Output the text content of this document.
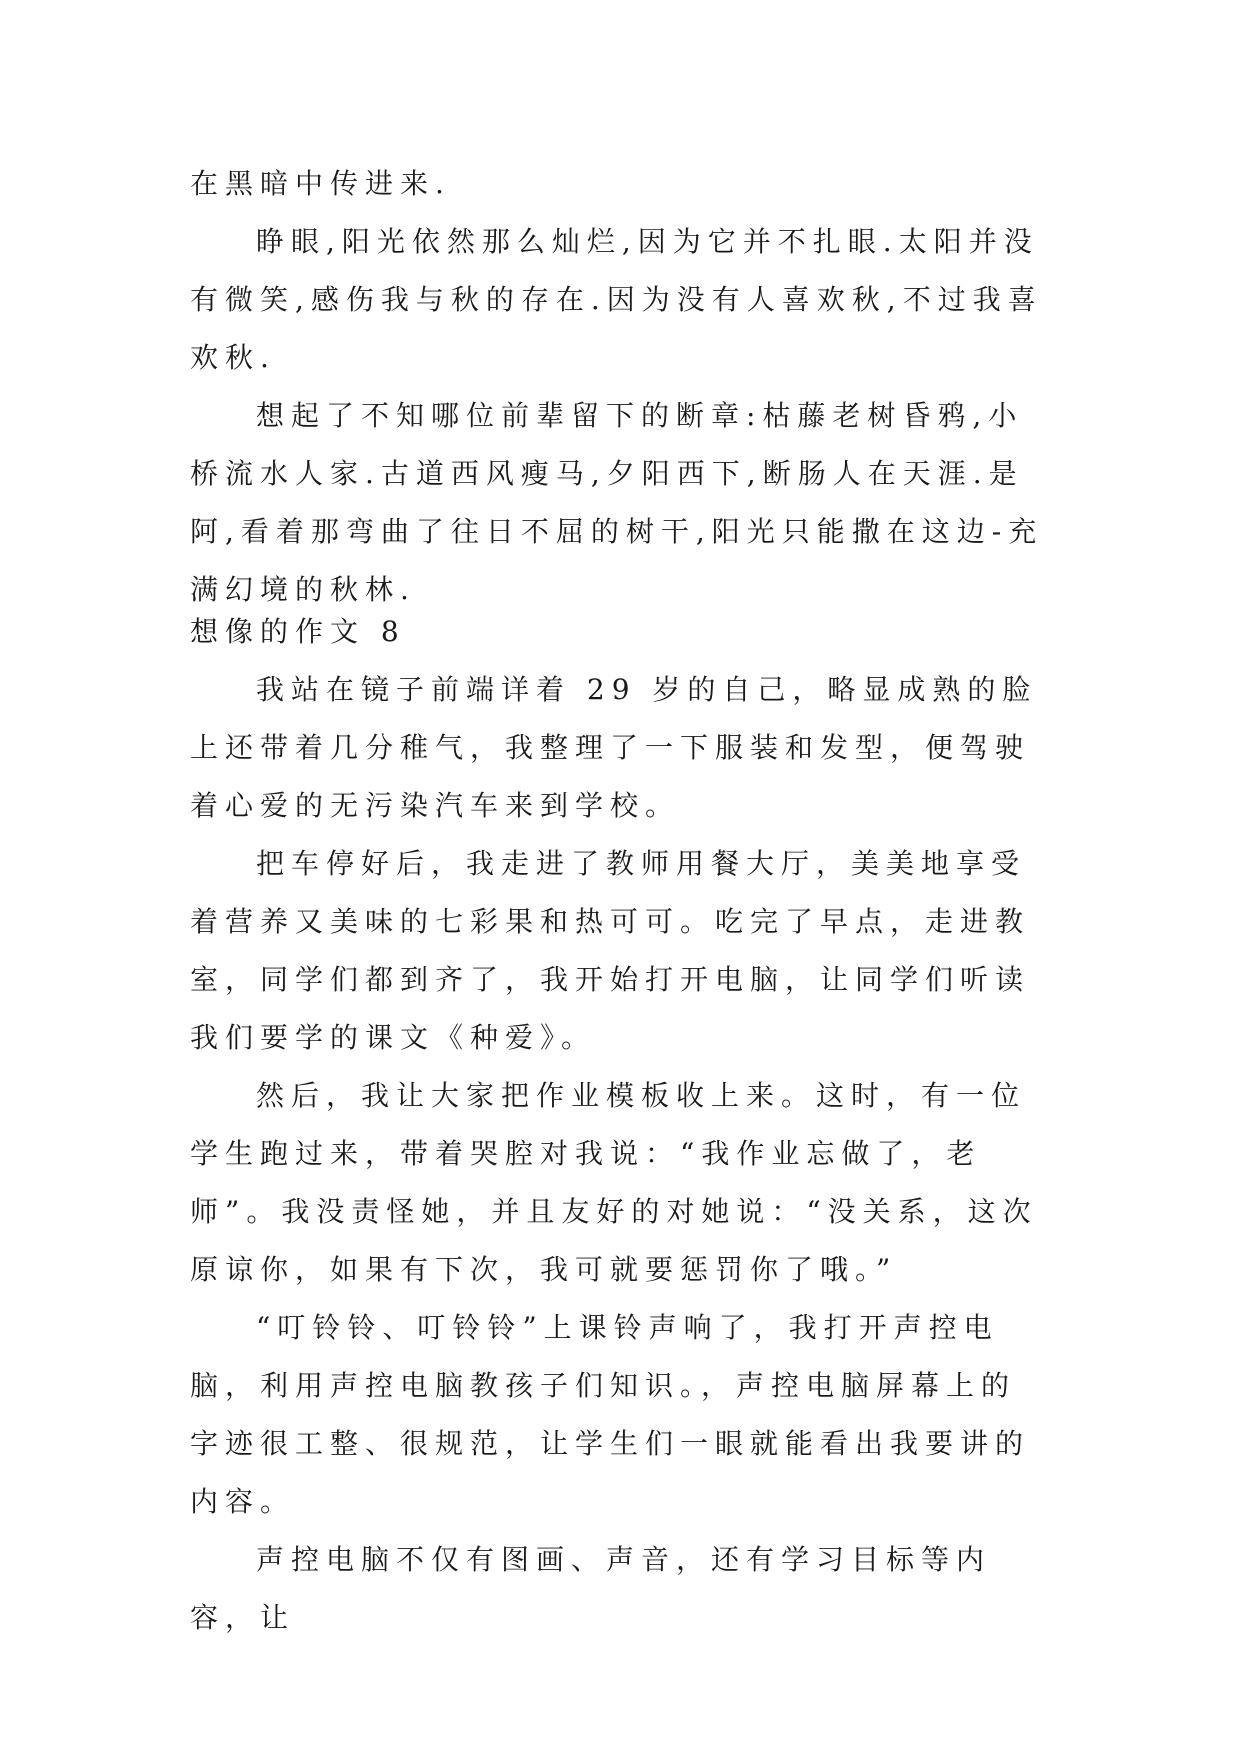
在黑暗中传进来.

睁眼,阳光依然那么灿烂,因为它并不扎眼.太阳并没有微笑,感伤我与秋的存在.因为没有人喜欢秋,不过我喜欢秋.

想起了不知哪位前辈留下的断章:枯藤老树昏鸦,小桥流水人家.古道西风瘦马,夕阳西下,断肠人在天涯.是阿,看着那弯曲了往日不屈的树干,阳光只能撒在这边-充满幻境的秋林.

想像的作文 8

我站在镜子前端详着 29 岁的自己，略显成熟的脸上还带着几分稚气，我整理了一下服装和发型，便驾驶着心爱的无污染汽车来到学校。

把车停好后，我走进了教师用餐大厅，美美地享受着营养又美味的七彩果和热可可。吃完了早点，走进教室，同学们都到齐了，我开始打开电脑，让同学们听读我们要学的课文《种爱》。

然后，我让大家把作业模板收上来。这时，有一位学生跑过来，带着哭腔对我说：“我作业忘做了，老师”。我没责怪她，并且友好的对她说：“没关系，这次原谅你，如果有下次，我可就要惩罚你了哦。”

“叮铃铃、叮铃铃”上课铃声响了，我打开声控电脑，利用声控电脑教孩子们知识。，声控电脑屏幕上的字迹很工整、很规范，让学生们一眼就能看出我要讲的内容。

声控电脑不仅有图画、声音，还有学习目标等内容，让
